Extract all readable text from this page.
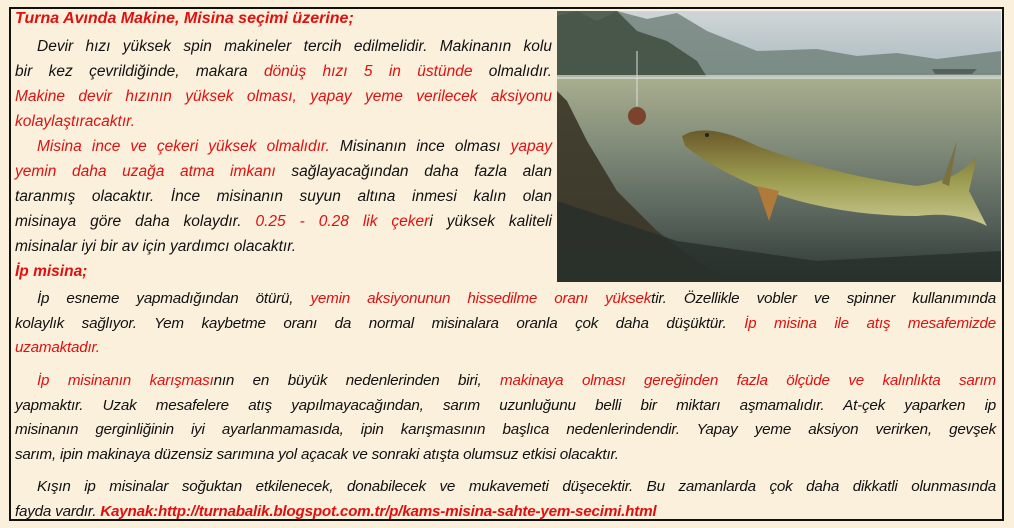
Turna Avında Makine, Misina seçimi üzerine;
Devir hızı yüksek spin makineler tercih edilmelidir. Makinanın kolu
bir kez çevrildiğinde, makara dönüş hızı 5 in üstünde olmalıdır.
Makine devir hızının yüksek olması, yapay yeme verilecek aksiyonu
kolaylaştıracaktır.
Misina ince ve çekeri yüksek olmalıdır. Misinanın ince olması yapay
yemin daha uzağa atma imkanı sağlayacağından daha fazla alan
taranmış olacaktır. İnce misinanın suyun altına inmesi kalın olan
misinaya göre daha kolaydır. 0.25 - 0.28 lik çekeri yüksek kaliteli
misinalar iyi bir av için yardımcı olacaktır.
İp misina;
İp esneme yapmadığından ötürü, yemin aksiyonunun hissedilme oranı yüksektir. Özellikle vobler ve spinner kullanımında
kolaylık sağlıyor. Yem kaybetme oranı da normal misinalara oranla çok daha düşüktür. İp misina ile atış mesafemizde
uzamaktadır.
İp misinanın karışmasının en büyük nedenlerinden biri, makinaya olması gereğinden fazla ölçüde ve kalınlıkta sarım
yapmaktır. Uzak mesafelere atış yapılmayacağından, sarım uzunluğunu belli bir miktarı aşmamalıdır. At-çek yaparken ip
misinanın gerginliğinin iyi ayarlanmamasıda, ipin karışmasının başlıca nedenlerindendir. Yapay yeme aksiyon verirken, gevşek
sarım, ipin makinaya düzensiz sarımına yol açacak ve sonraki atışta olumsuz etkisi olacaktır.
Kışın ip misinalar soğuktan etkilenecek, donabilecek ve mukavemeti düşecektir. Bu zamanlarda çok daha dikkatli olunmasında
fayda vardır. Kaynak:http://turnabalik.blogspot.com.tr/p/kams-misina-sahte-yem-secimi.html
